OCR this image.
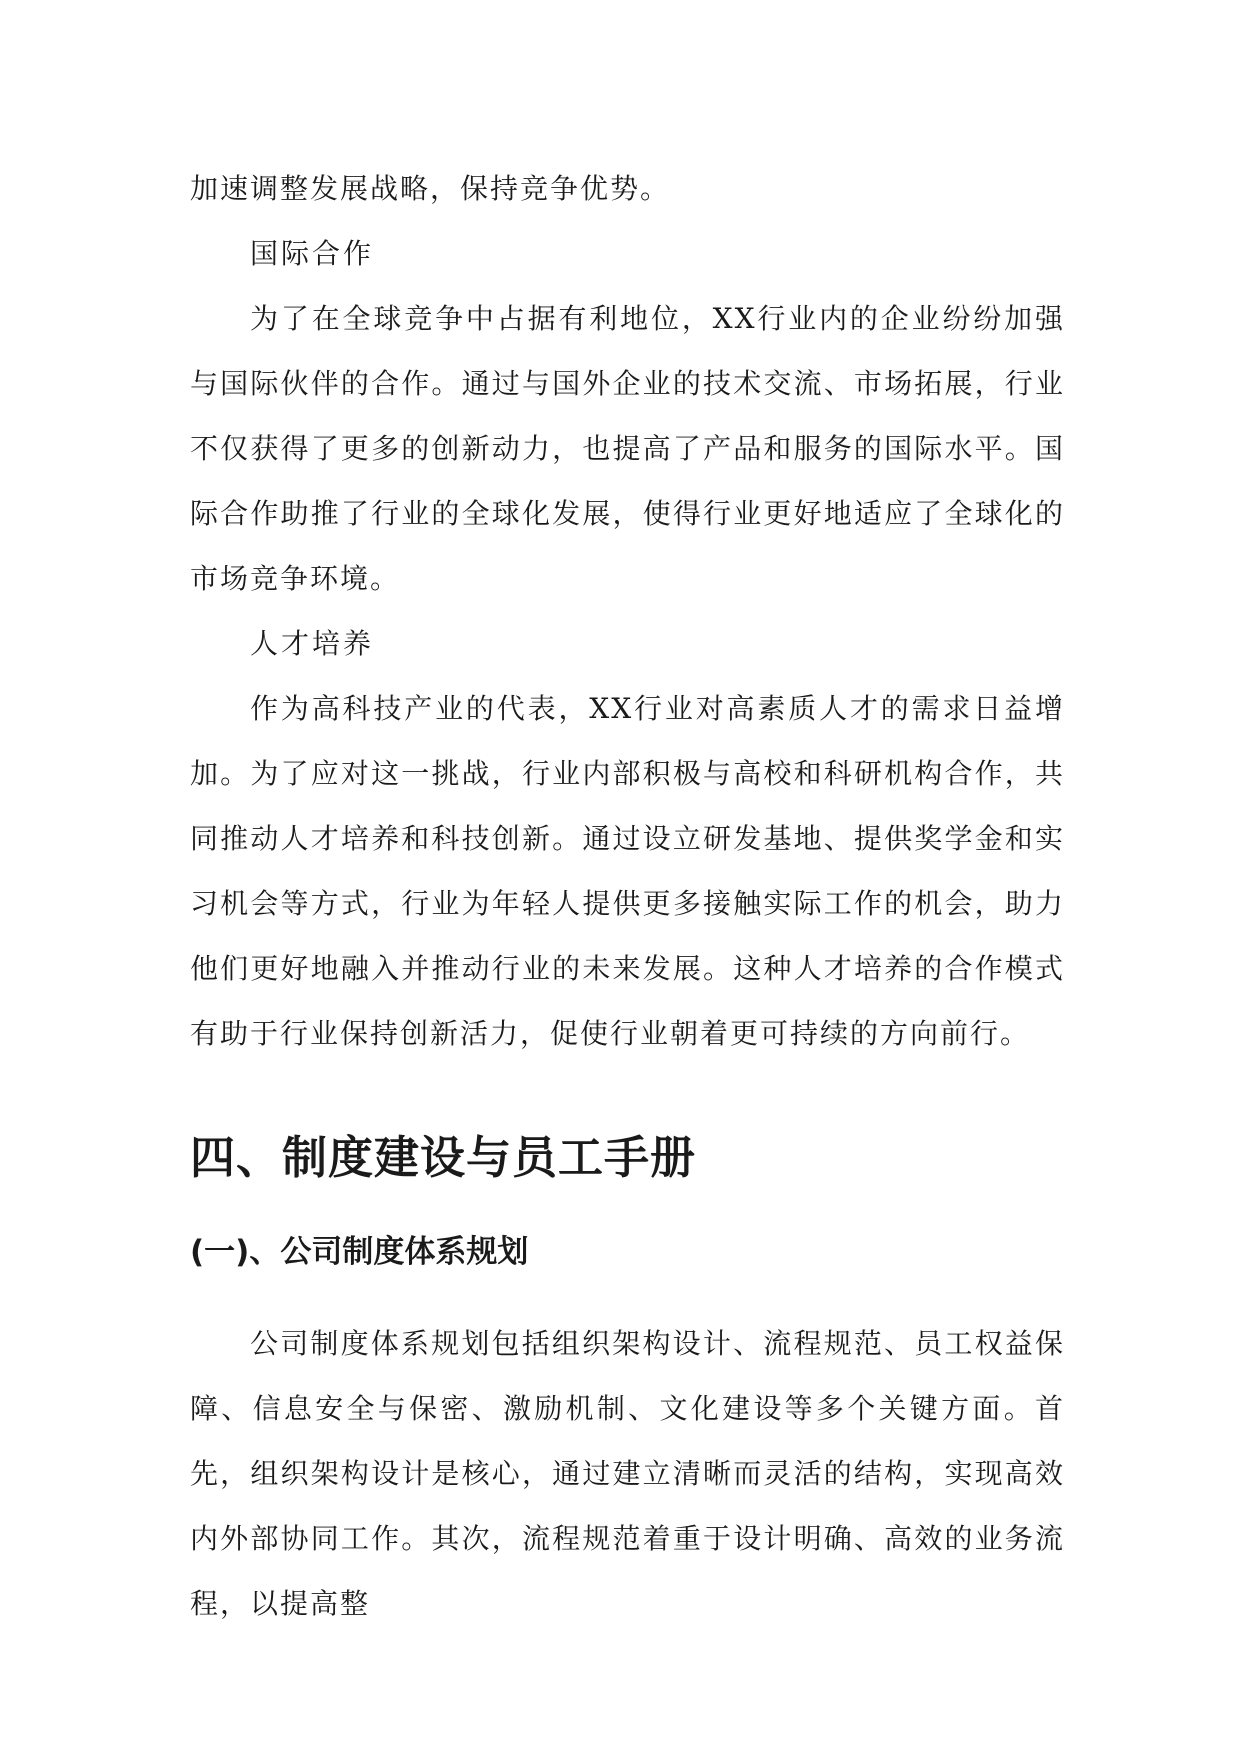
加速调整发展战略，保持竞争优势。

国际合作

为了在全球竞争中占据有利地位，XX行业内的企业纷纷加强与国际伙伴的合作。通过与国外企业的技术交流、市场拓展，行业不仅获得了更多的创新动力，也提高了产品和服务的国际水平。国际合作助推了行业的全球化发展，使得行业更好地适应了全球化的市场竞争环境。

人才培养

作为高科技产业的代表，XX行业对高素质人才的需求日益增加。为了应对这一挑战，行业内部积极与高校和科研机构合作，共同推动人才培养和科技创新。通过设立研发基地、提供奖学金和实习机会等方式，行业为年轻人提供更多接触实际工作的机会，助力他们更好地融入并推动行业的未来发展。这种人才培养的合作模式有助于行业保持创新活力，促使行业朝着更可持续的方向前行。

四、制度建设与员工手册
(一)、公司制度体系规划

公司制度体系规划包括组织架构设计、流程规范、员工权益保障、信息安全与保密、激励机制、文化建设等多个关键方面。首先，组织架构设计是核心，通过建立清晰而灵活的结构，实现高效内外部协同工作。其次，流程规范着重于设计明确、高效的业务流程，以提高整
